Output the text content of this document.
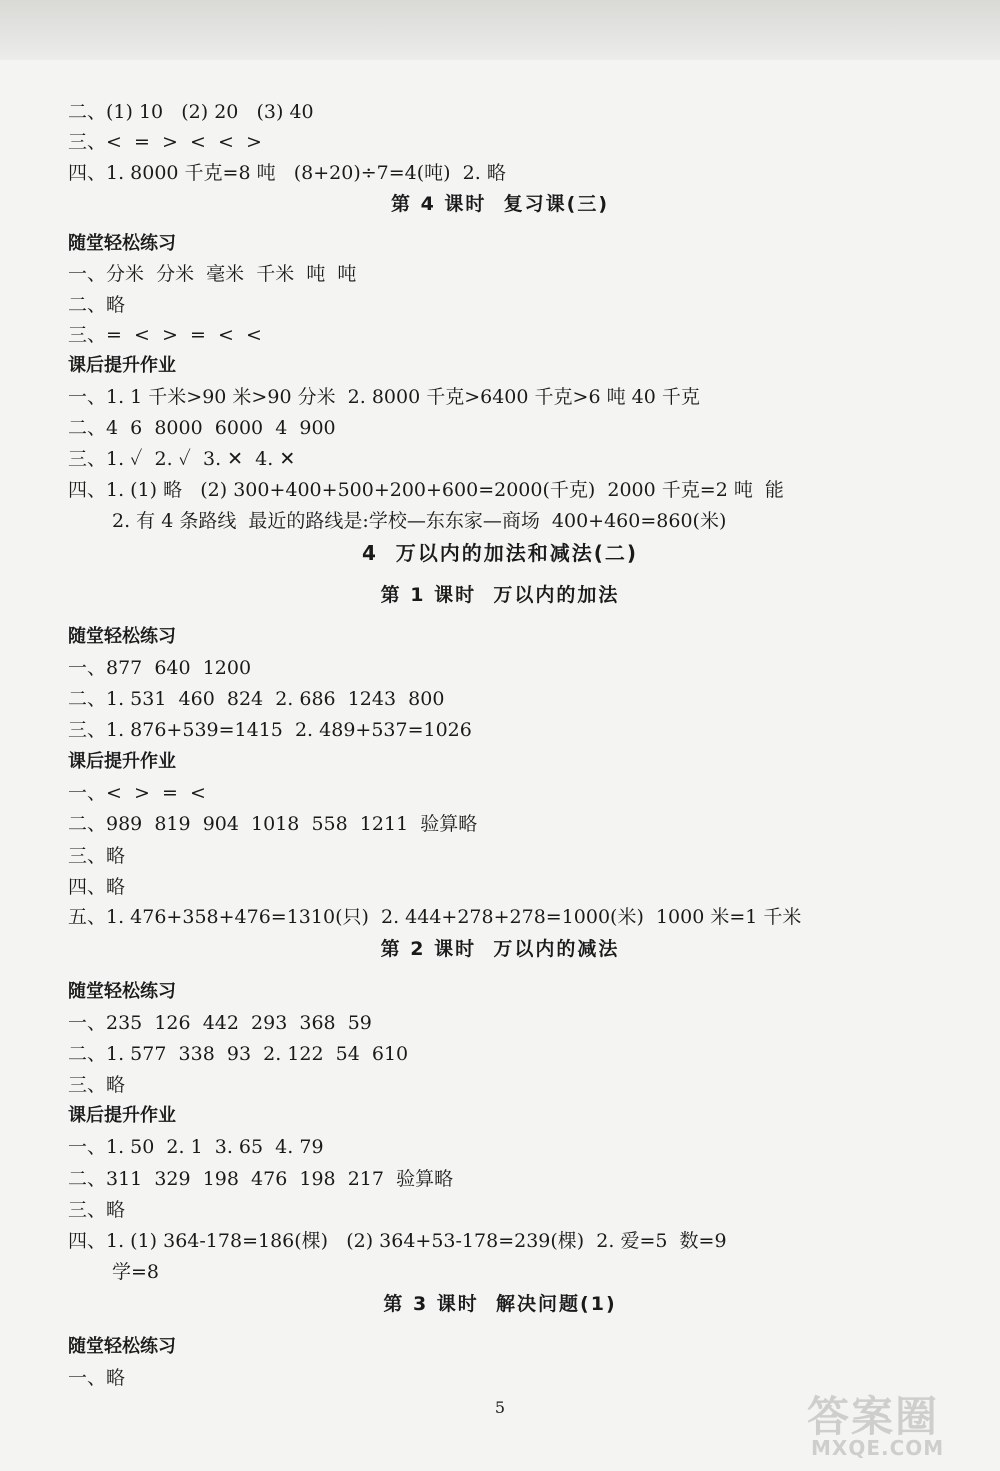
二、(1) 10   (2) 20   (3) 40
三、<  =  >  <  <  >
四、1. 8000 千克=8 吨   (8+20)÷7=4(吨)  2. 略
第 4 课时  复习课(三)
随堂轻松练习
一、分米  分米  毫米  千米  吨  吨
二、略
三、=  <  >  =  <  <
课后提升作业
一、1. 1 千米>90 米>90 分米  2. 8000 千克>6400 千克>6 吨 40 千克
二、4  6  8000  6000  4  900
三、1. ✓  2. ✓  3. ✕  4. ✕
四、1. (1) 略   (2) 300+400+500+200+600=2000(千克)  2000 千克=2 吨  能
2. 有 4 条路线  最近的路线是:学校—东东家—商场  400+460=860(米)
4  万以内的加法和减法(二)
第 1 课时  万以内的加法
随堂轻松练习
一、877  640  1200
二、1. 531  460  824  2. 686  1243  800
三、1. 876+539=1415  2. 489+537=1026
课后提升作业
一、<  >  =  <
二、989  819  904  1018  558  1211  验算略
三、略
四、略
五、1. 476+358+476=1310(只)  2. 444+278+278=1000(米)  1000 米=1 千米
第 2 课时  万以内的减法
随堂轻松练习
一、235  126  442  293  368  59
二、1. 577  338  93  2. 122  54  610
三、略
课后提升作业
一、1. 50  2. 1  3. 65  4. 79
二、311  329  198  476  198  217  验算略
三、略
四、1. (1) 364-178=186(棵)   (2) 364+53-178=239(棵)  2. 爱=5  数=9
学=8
第 3 课时  解决问题(1)
随堂轻松练习
一、略
5	答案圈
MXQE.COM
